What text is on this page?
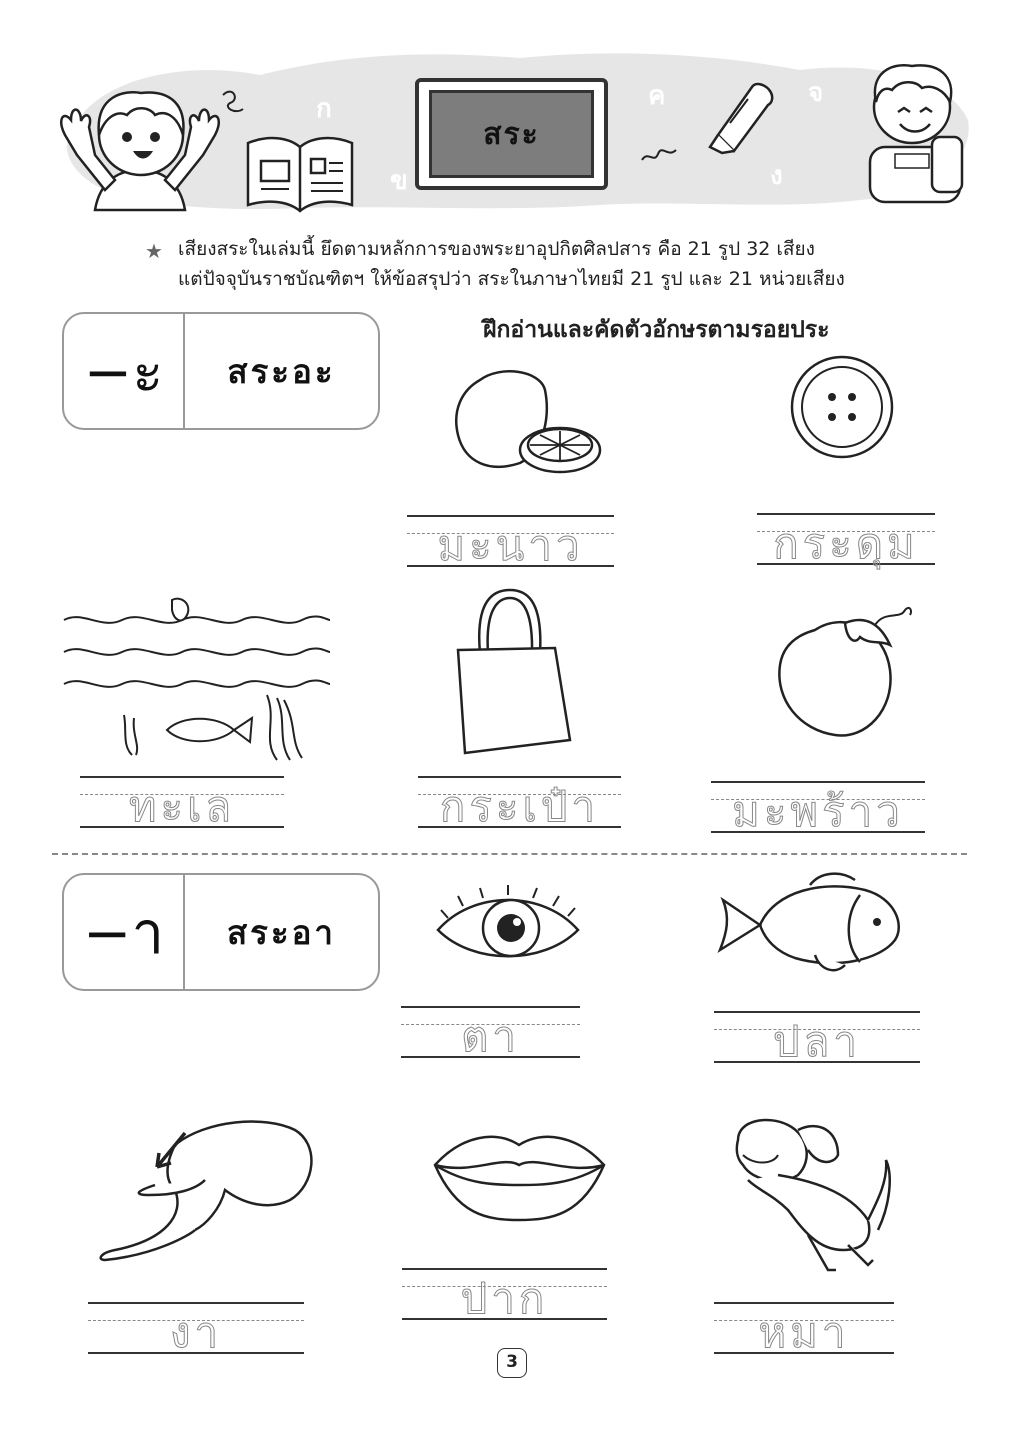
ก
ข
ค	จ
ง
สระ
★ เสียงสระในเล่มนี้ ยึดตามหลักการของพระยาอุปกิตศิลปสาร คือ 21 รูป 32 เสียง
แต่ปัจจุบันราชบัณฑิตฯ ให้ข้อสรุปว่า สระในภาษาไทยมี 21 รูป และ 21 หน่วยเสียง
ฝึกอ่านและคัดตัวอักษรตามรอยประ
−ะ	สระอะ
−า	สระอา
มะนาว	กระดุม
ทะเล	กระเป๋า	มะพร้าว
ตา	ปลา
งา
ปาก
หมา
3
